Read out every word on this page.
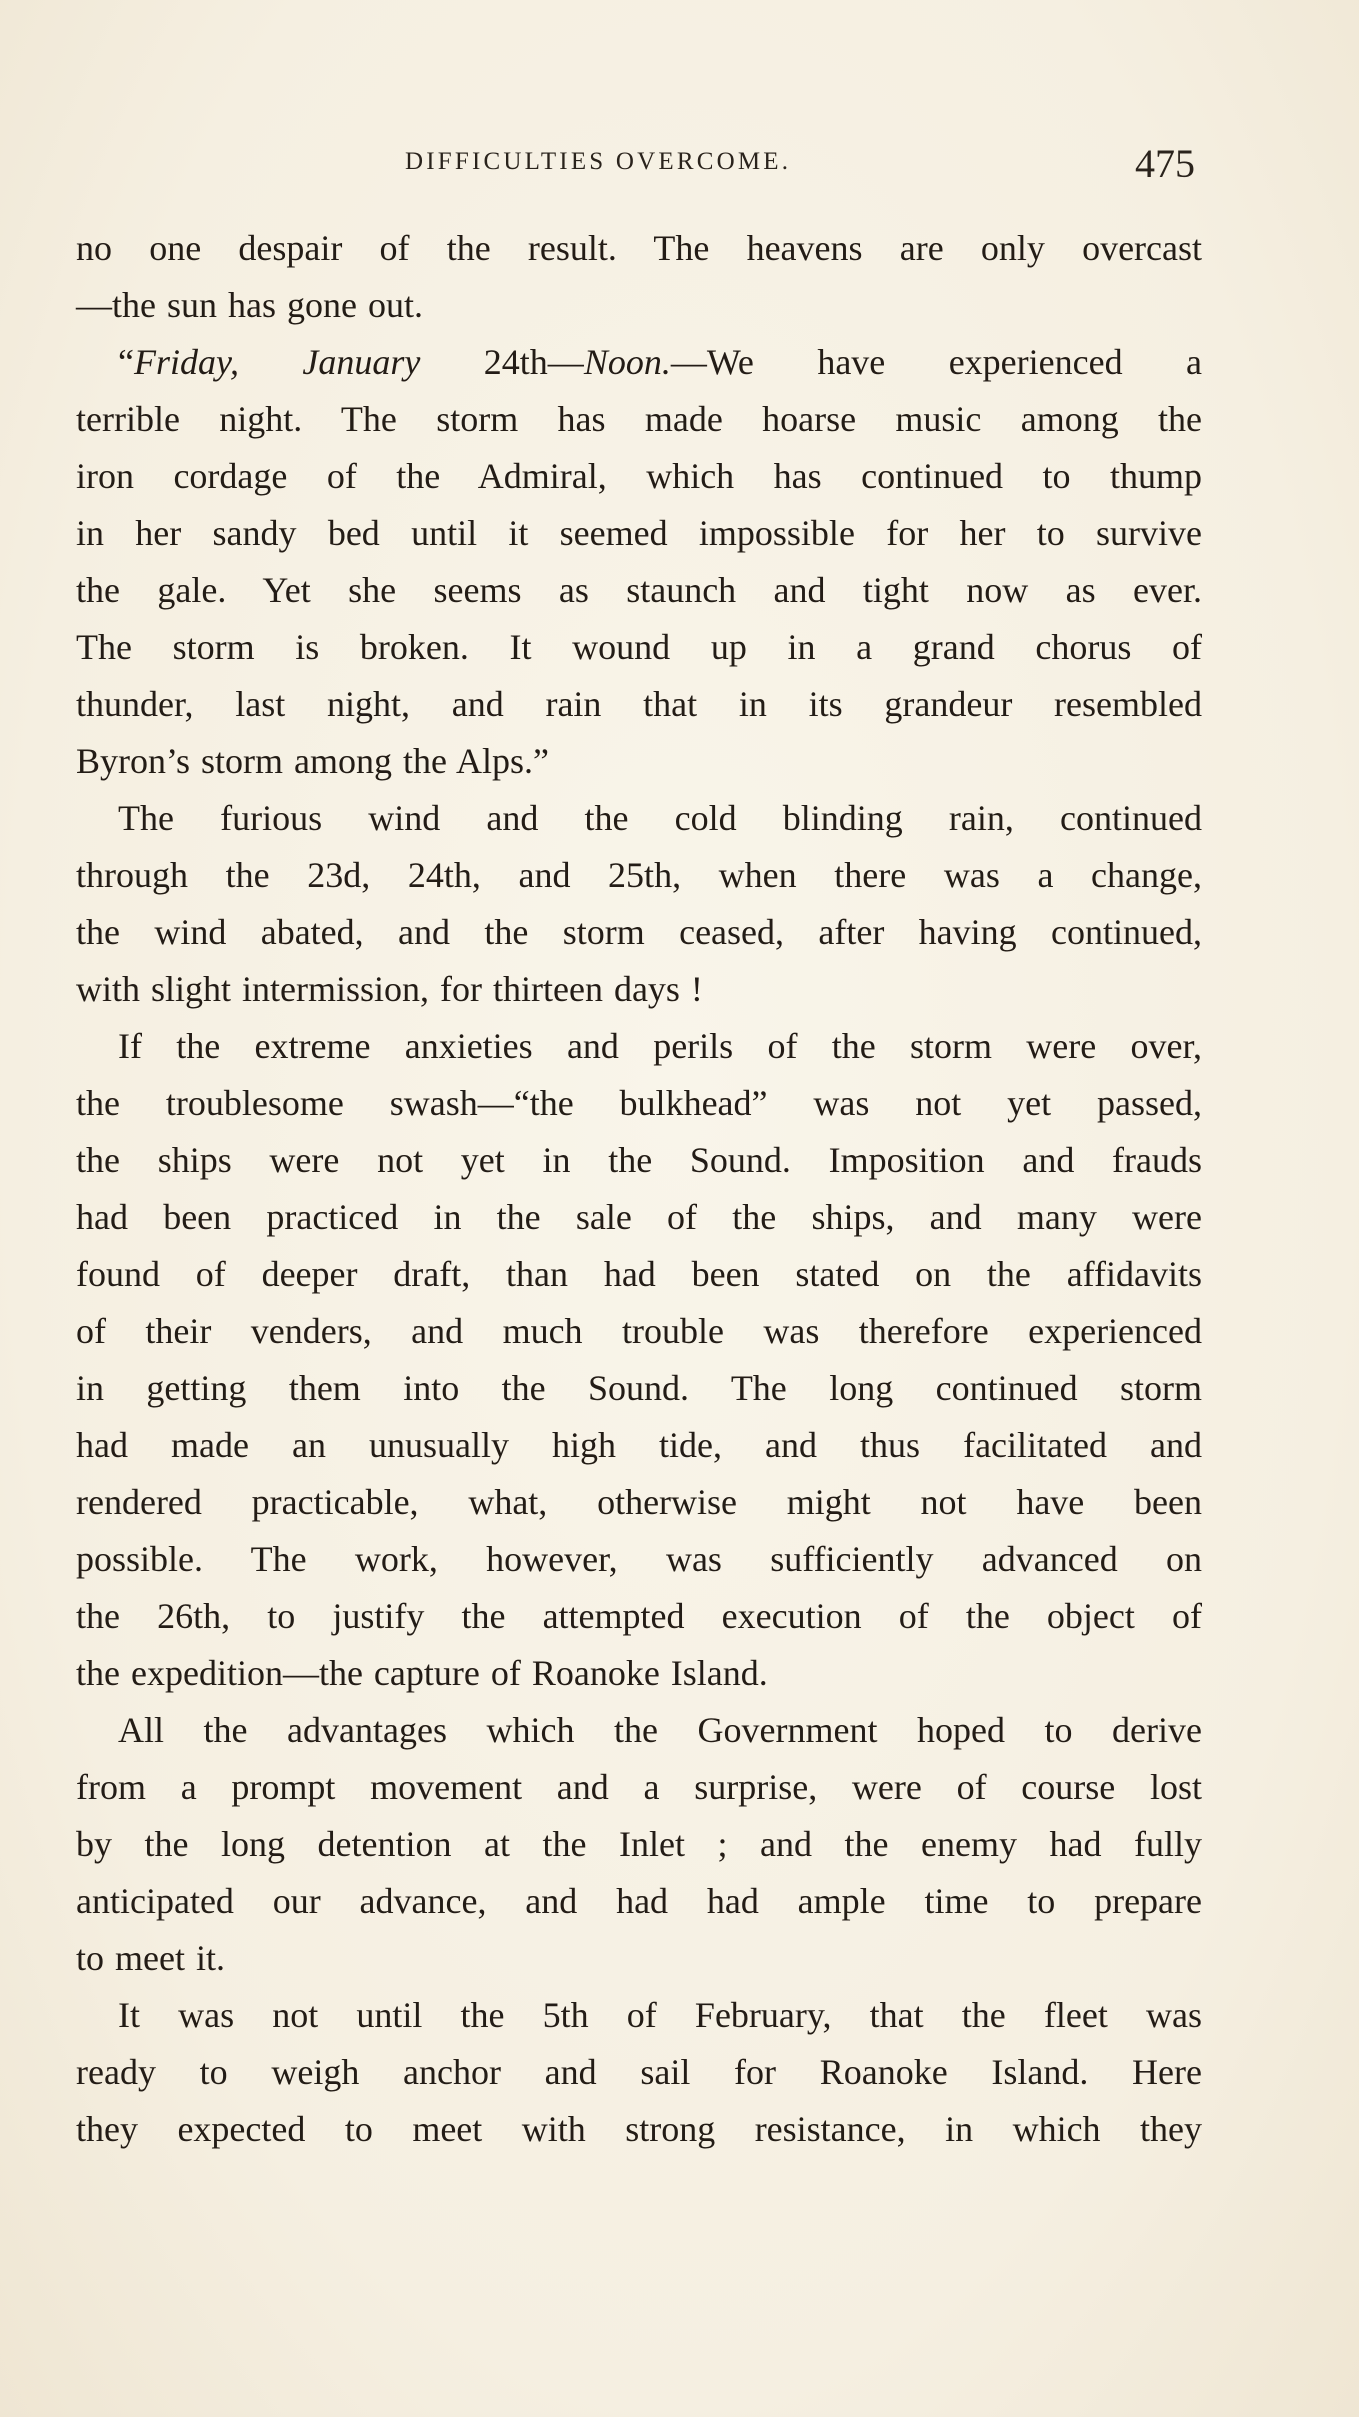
DIFFICULTIES OVERCOME.	475
no one despair of the result. The heavens are only overcast
—the sun has gone out.
“Friday, January 24th—Noon.—We have experienced a
terrible night. The storm has made hoarse music among the
iron cordage of the Admiral, which has continued to thump
in her sandy bed until it seemed impossible for her to survive
the gale. Yet she seems as staunch and tight now as ever.
The storm is broken. It wound up in a grand chorus of
thunder, last night, and rain that in its grandeur resembled
Byron’s storm among the Alps.”
The furious wind and the cold blinding rain, continued
through the 23d, 24th, and 25th, when there was a change,
the wind abated, and the storm ceased, after having continued,
with slight intermission, for thirteen days !
If the extreme anxieties and perils of the storm were over,
the troublesome swash—“the bulkhead” was not yet passed,
the ships were not yet in the Sound. Imposition and frauds
had been practiced in the sale of the ships, and many were
found of deeper draft, than had been stated on the affidavits
of their venders, and much trouble was therefore experienced
in getting them into the Sound. The long continued storm
had made an unusually high tide, and thus facilitated and
rendered practicable, what, otherwise might not have been
possible. The work, however, was sufficiently advanced on
the 26th, to justify the attempted execution of the object of
the expedition—the capture of Roanoke Island.
All the advantages which the Government hoped to derive
from a prompt movement and a surprise, were of course lost
by the long detention at the Inlet ; and the enemy had fully
anticipated our advance, and had had ample time to prepare
to meet it.
It was not until the 5th of February, that the fleet was
ready to weigh anchor and sail for Roanoke Island. Here
they expected to meet with strong resistance, in which they
